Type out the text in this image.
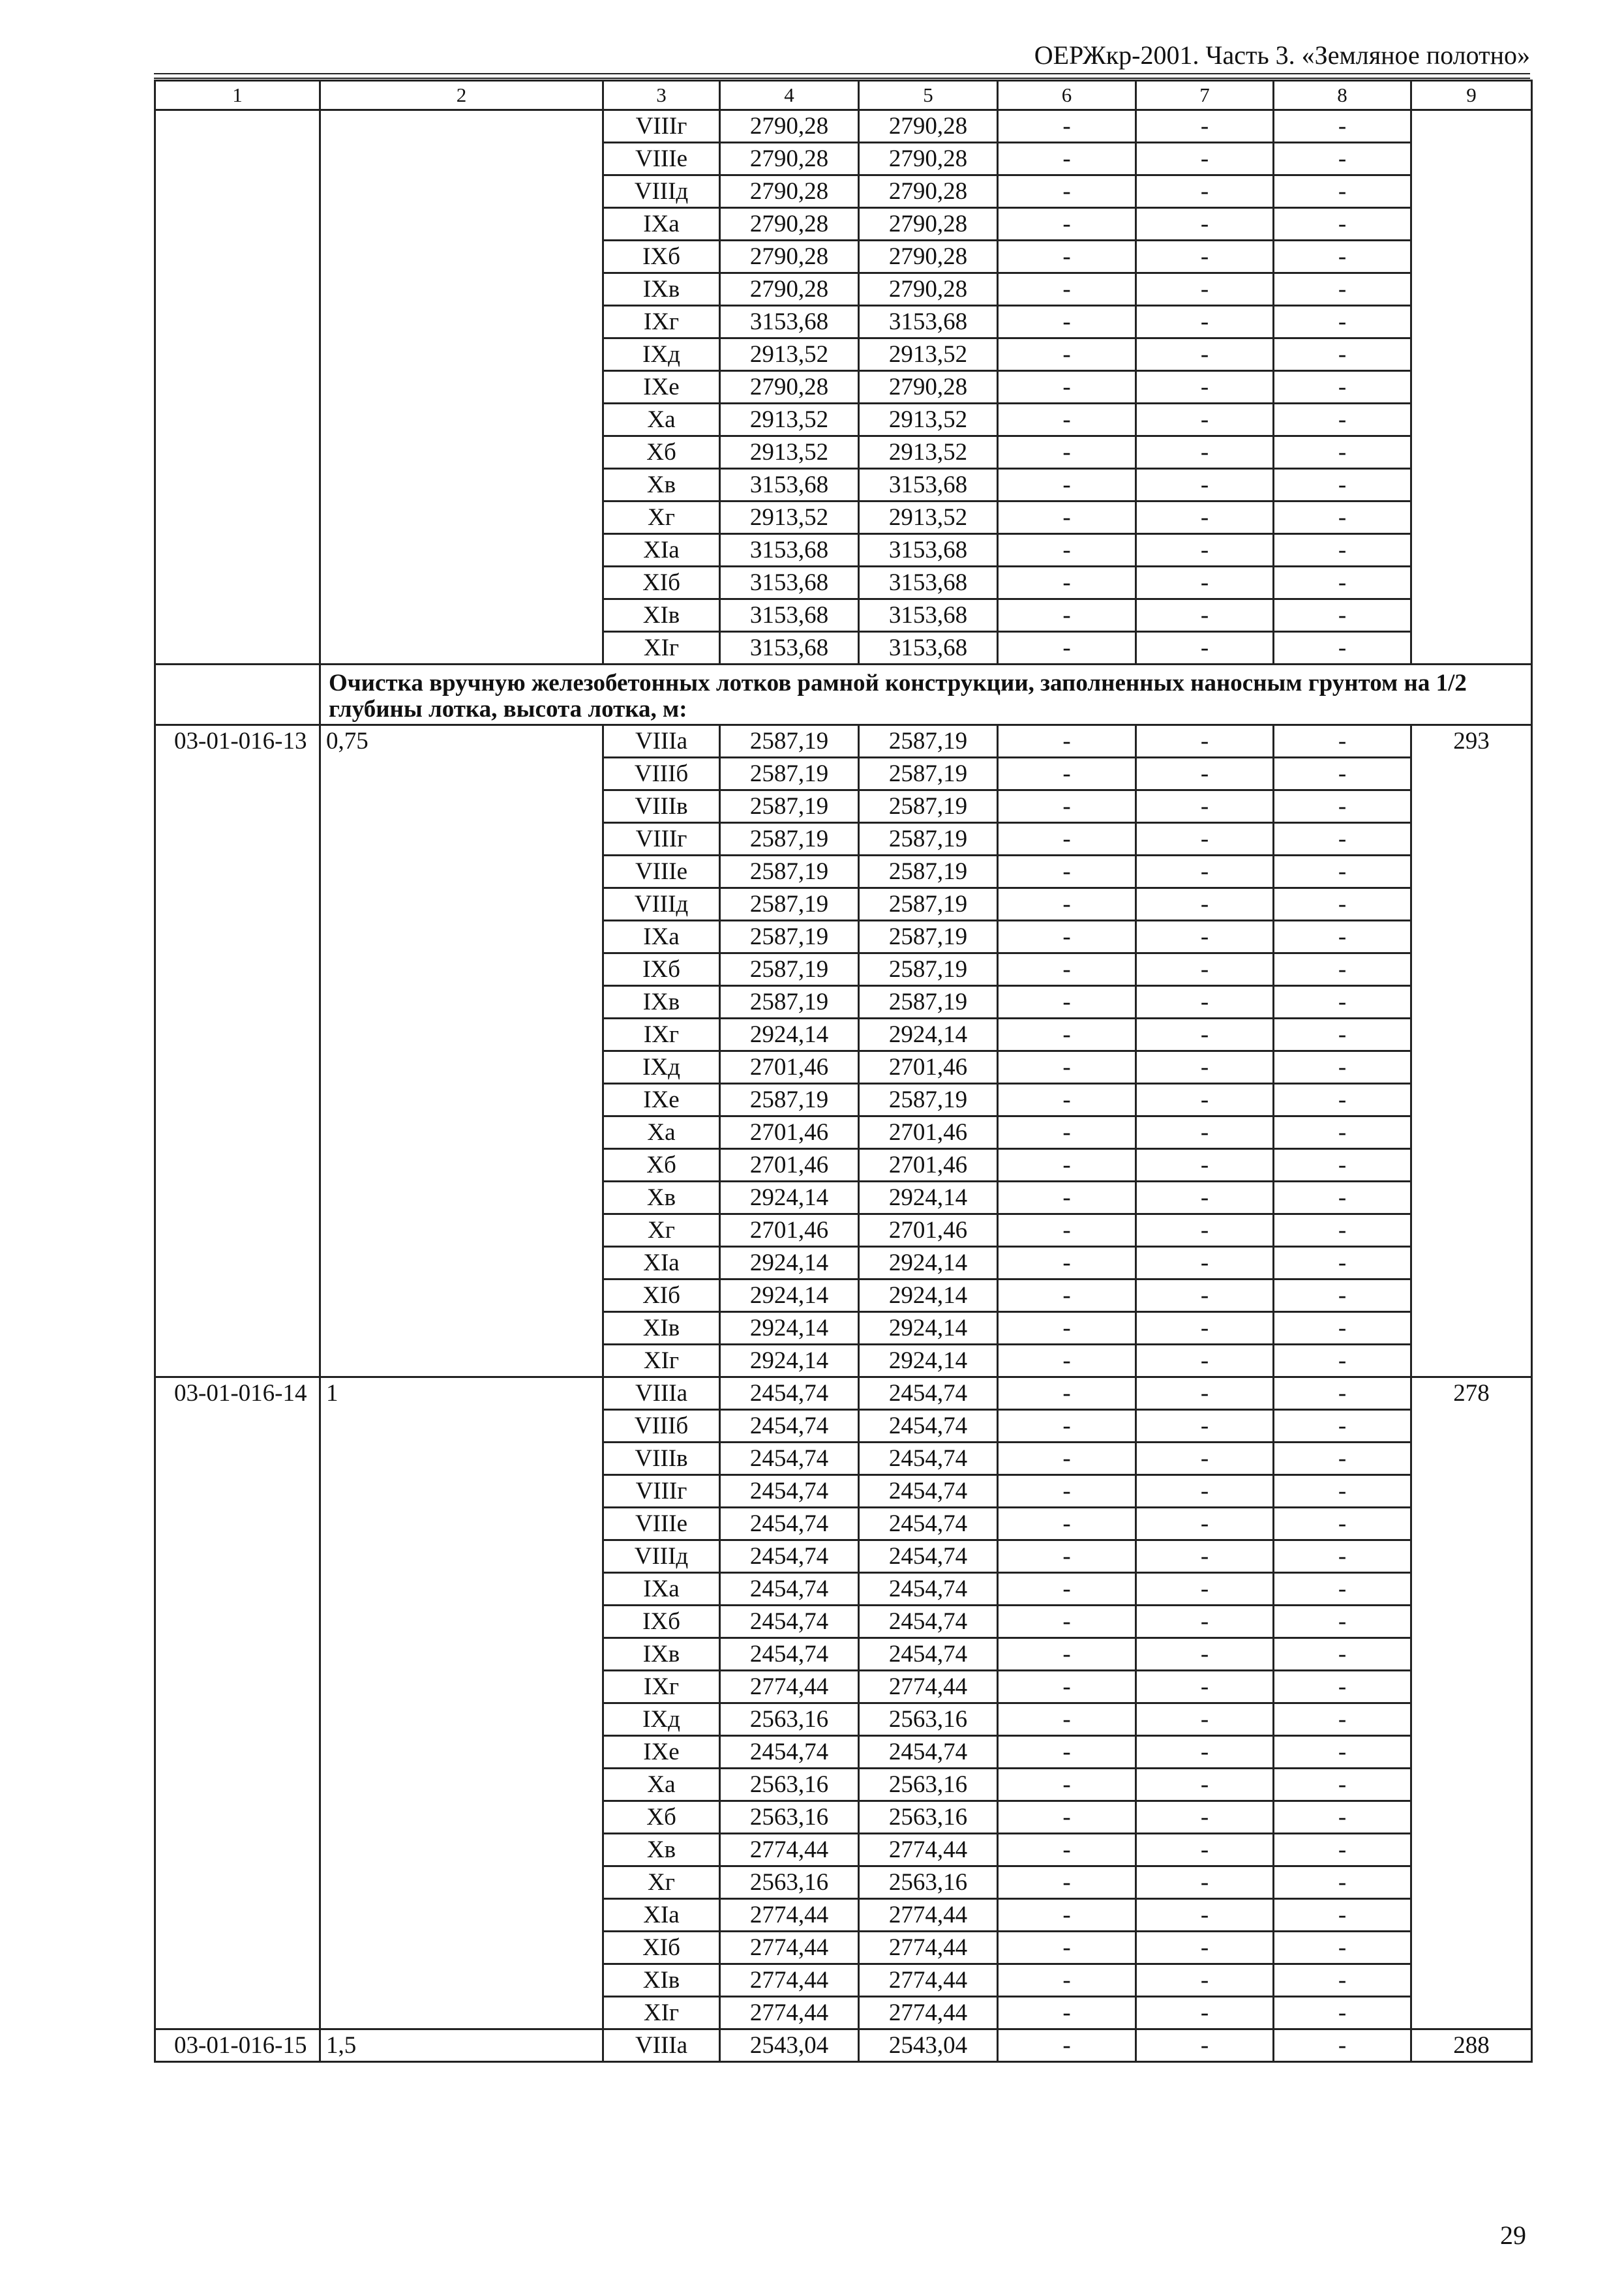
ОЕРЖкр-2001. Часть 3. «Земляное полотно»
1	2	3	4	5	6	7	8	9
		VIIIг	2790,28	2790,28	-	-	-	
		VIIIе	2790,28	2790,28	-	-	-	
		VIIIд	2790,28	2790,28	-	-	-	
		IXа	2790,28	2790,28	-	-	-	
		IXб	2790,28	2790,28	-	-	-	
		IXв	2790,28	2790,28	-	-	-	
		IXг	3153,68	3153,68	-	-	-	
		IXд	2913,52	2913,52	-	-	-	
		IXе	2790,28	2790,28	-	-	-	
		Xа	2913,52	2913,52	-	-	-	
		Xб	2913,52	2913,52	-	-	-	
		Xв	3153,68	3153,68	-	-	-	
		Xг	2913,52	2913,52	-	-	-	
		XIа	3153,68	3153,68	-	-	-	
		XIб	3153,68	3153,68	-	-	-	
		XIв	3153,68	3153,68	-	-	-	
		XIг	3153,68	3153,68	-	-	-	
	Очистка вручную железобетонных лотков рамной конструкции, заполненных наносным грунтом на 1/2 глубины лотка, высота лотка, м:							
03-01-016-13	0,75	VIIIа	2587,19	2587,19	-	-	-	293
		VIIIб	2587,19	2587,19	-	-	-	
		VIIIв	2587,19	2587,19	-	-	-	
		VIIIг	2587,19	2587,19	-	-	-	
		VIIIе	2587,19	2587,19	-	-	-	
		VIIIд	2587,19	2587,19	-	-	-	
		IXа	2587,19	2587,19	-	-	-	
		IXб	2587,19	2587,19	-	-	-	
		IXв	2587,19	2587,19	-	-	-	
		IXг	2924,14	2924,14	-	-	-	
		IXд	2701,46	2701,46	-	-	-	
		IXе	2587,19	2587,19	-	-	-	
		Xа	2701,46	2701,46	-	-	-	
		Xб	2701,46	2701,46	-	-	-	
		Xв	2924,14	2924,14	-	-	-	
		Xг	2701,46	2701,46	-	-	-	
		XIа	2924,14	2924,14	-	-	-	
		XIб	2924,14	2924,14	-	-	-	
		XIв	2924,14	2924,14	-	-	-	
		XIг	2924,14	2924,14	-	-	-	
03-01-016-14	1	VIIIа	2454,74	2454,74	-	-	-	278
		VIIIб	2454,74	2454,74	-	-	-	
		VIIIв	2454,74	2454,74	-	-	-	
		VIIIг	2454,74	2454,74	-	-	-	
		VIIIе	2454,74	2454,74	-	-	-	
		VIIIд	2454,74	2454,74	-	-	-	
		IXа	2454,74	2454,74	-	-	-	
		IXб	2454,74	2454,74	-	-	-	
		IXв	2454,74	2454,74	-	-	-	
		IXг	2774,44	2774,44	-	-	-	
		IXд	2563,16	2563,16	-	-	-	
		IXе	2454,74	2454,74	-	-	-	
		Xа	2563,16	2563,16	-	-	-	
		Xб	2563,16	2563,16	-	-	-	
		Xв	2774,44	2774,44	-	-	-	
		Xг	2563,16	2563,16	-	-	-	
		XIа	2774,44	2774,44	-	-	-	
		XIб	2774,44	2774,44	-	-	-	
		XIв	2774,44	2774,44	-	-	-	
		XIг	2774,44	2774,44	-	-	-	
03-01-016-15	1,5	VIIIа	2543,04	2543,04	-	-	-	288
29
